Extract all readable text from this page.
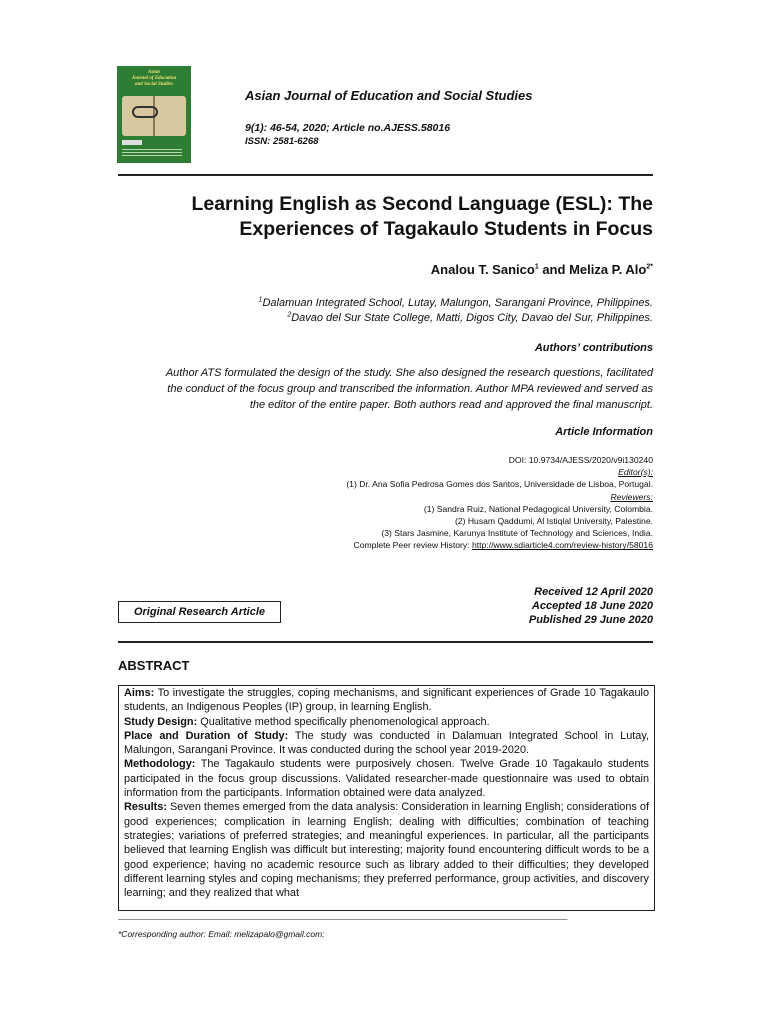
Asian
Journal of Education
and Social Studies
Asian Journal of Education and Social Studies
9(1): 46-54, 2020; Article no.AJESS.58016
ISSN: 2581-6268
Learning English as Second Language (ESL): The
Experiences of Tagakaulo Students in Focus
Analou T. Sanico$^1$ and Meliza P. Alo$^{2*}$
$^1$Dalamuan Integrated School, Lutay, Malungon, Sarangani Province, Philippines.
$^2$Davao del Sur State College, Matti, Digos City, Davao del Sur, Philippines.
Authors’ contributions
Author ATS formulated the design of the study. She also designed the research questions, facilitated
the conduct of the focus group and transcribed the information. Author MPA reviewed and served as
the editor of the entire paper. Both authors read and approved the final manuscript.
Article Information
DOI: 10.9734/AJESS/2020/v9i130240
Editor(s):
(1) Dr. Ana Sofia Pedrosa Gomes dos Santos, Universidade de Lisboa, Portugal.
Reviewers:
(1) Sandra Ruiz, National Pedagogical University, Colombia.
(2) Husam Qaddumi, Al Istiqlal University, Palestine.
(3) Stars Jasmine, Karunya Institute of Technology and Sciences, India.
Complete Peer review History: http://www.sdiarticle4.com/review-history/58016
Original Research Article
Received 12 April 2020
Accepted 18 June 2020
Published 29 June 2020
ABSTRACT

Aims: To investigate the struggles, coping mechanisms, and significant experiences of Grade 10 Tagakaulo students, an Indigenous Peoples (IP) group, in learning English.

Study Design: Qualitative method specifically phenomenological approach.

Place and Duration of Study: The study was conducted in Dalamuan Integrated School in Lutay, Malungon, Sarangani Province. It was conducted during the school year 2019-2020.

Methodology: The Tagakaulo students were purposively chosen. Twelve Grade 10 Tagakaulo students participated in the focus group discussions. Validated researcher-made questionnaire was used to obtain information from the participants. Information obtained were data analyzed.

Results: Seven themes emerged from the data analysis: Consideration in learning English; considerations of good experiences; complication in learning English; dealing with difficulties; combination of teaching strategies; variations of preferred strategies; and meaningful experiences. In particular, all the participants believed that learning English was difficult but interesting; majority found encountering difficult words to be a good experience; having no academic resource such as library added to their difficulties; they developed different learning styles and coping mechanisms; they preferred performance, group activities, and discovery learning; and they realized that what

_____________________________________________________________________________________________________
*Corresponding author: Email: melizapalo@gmail.com;
